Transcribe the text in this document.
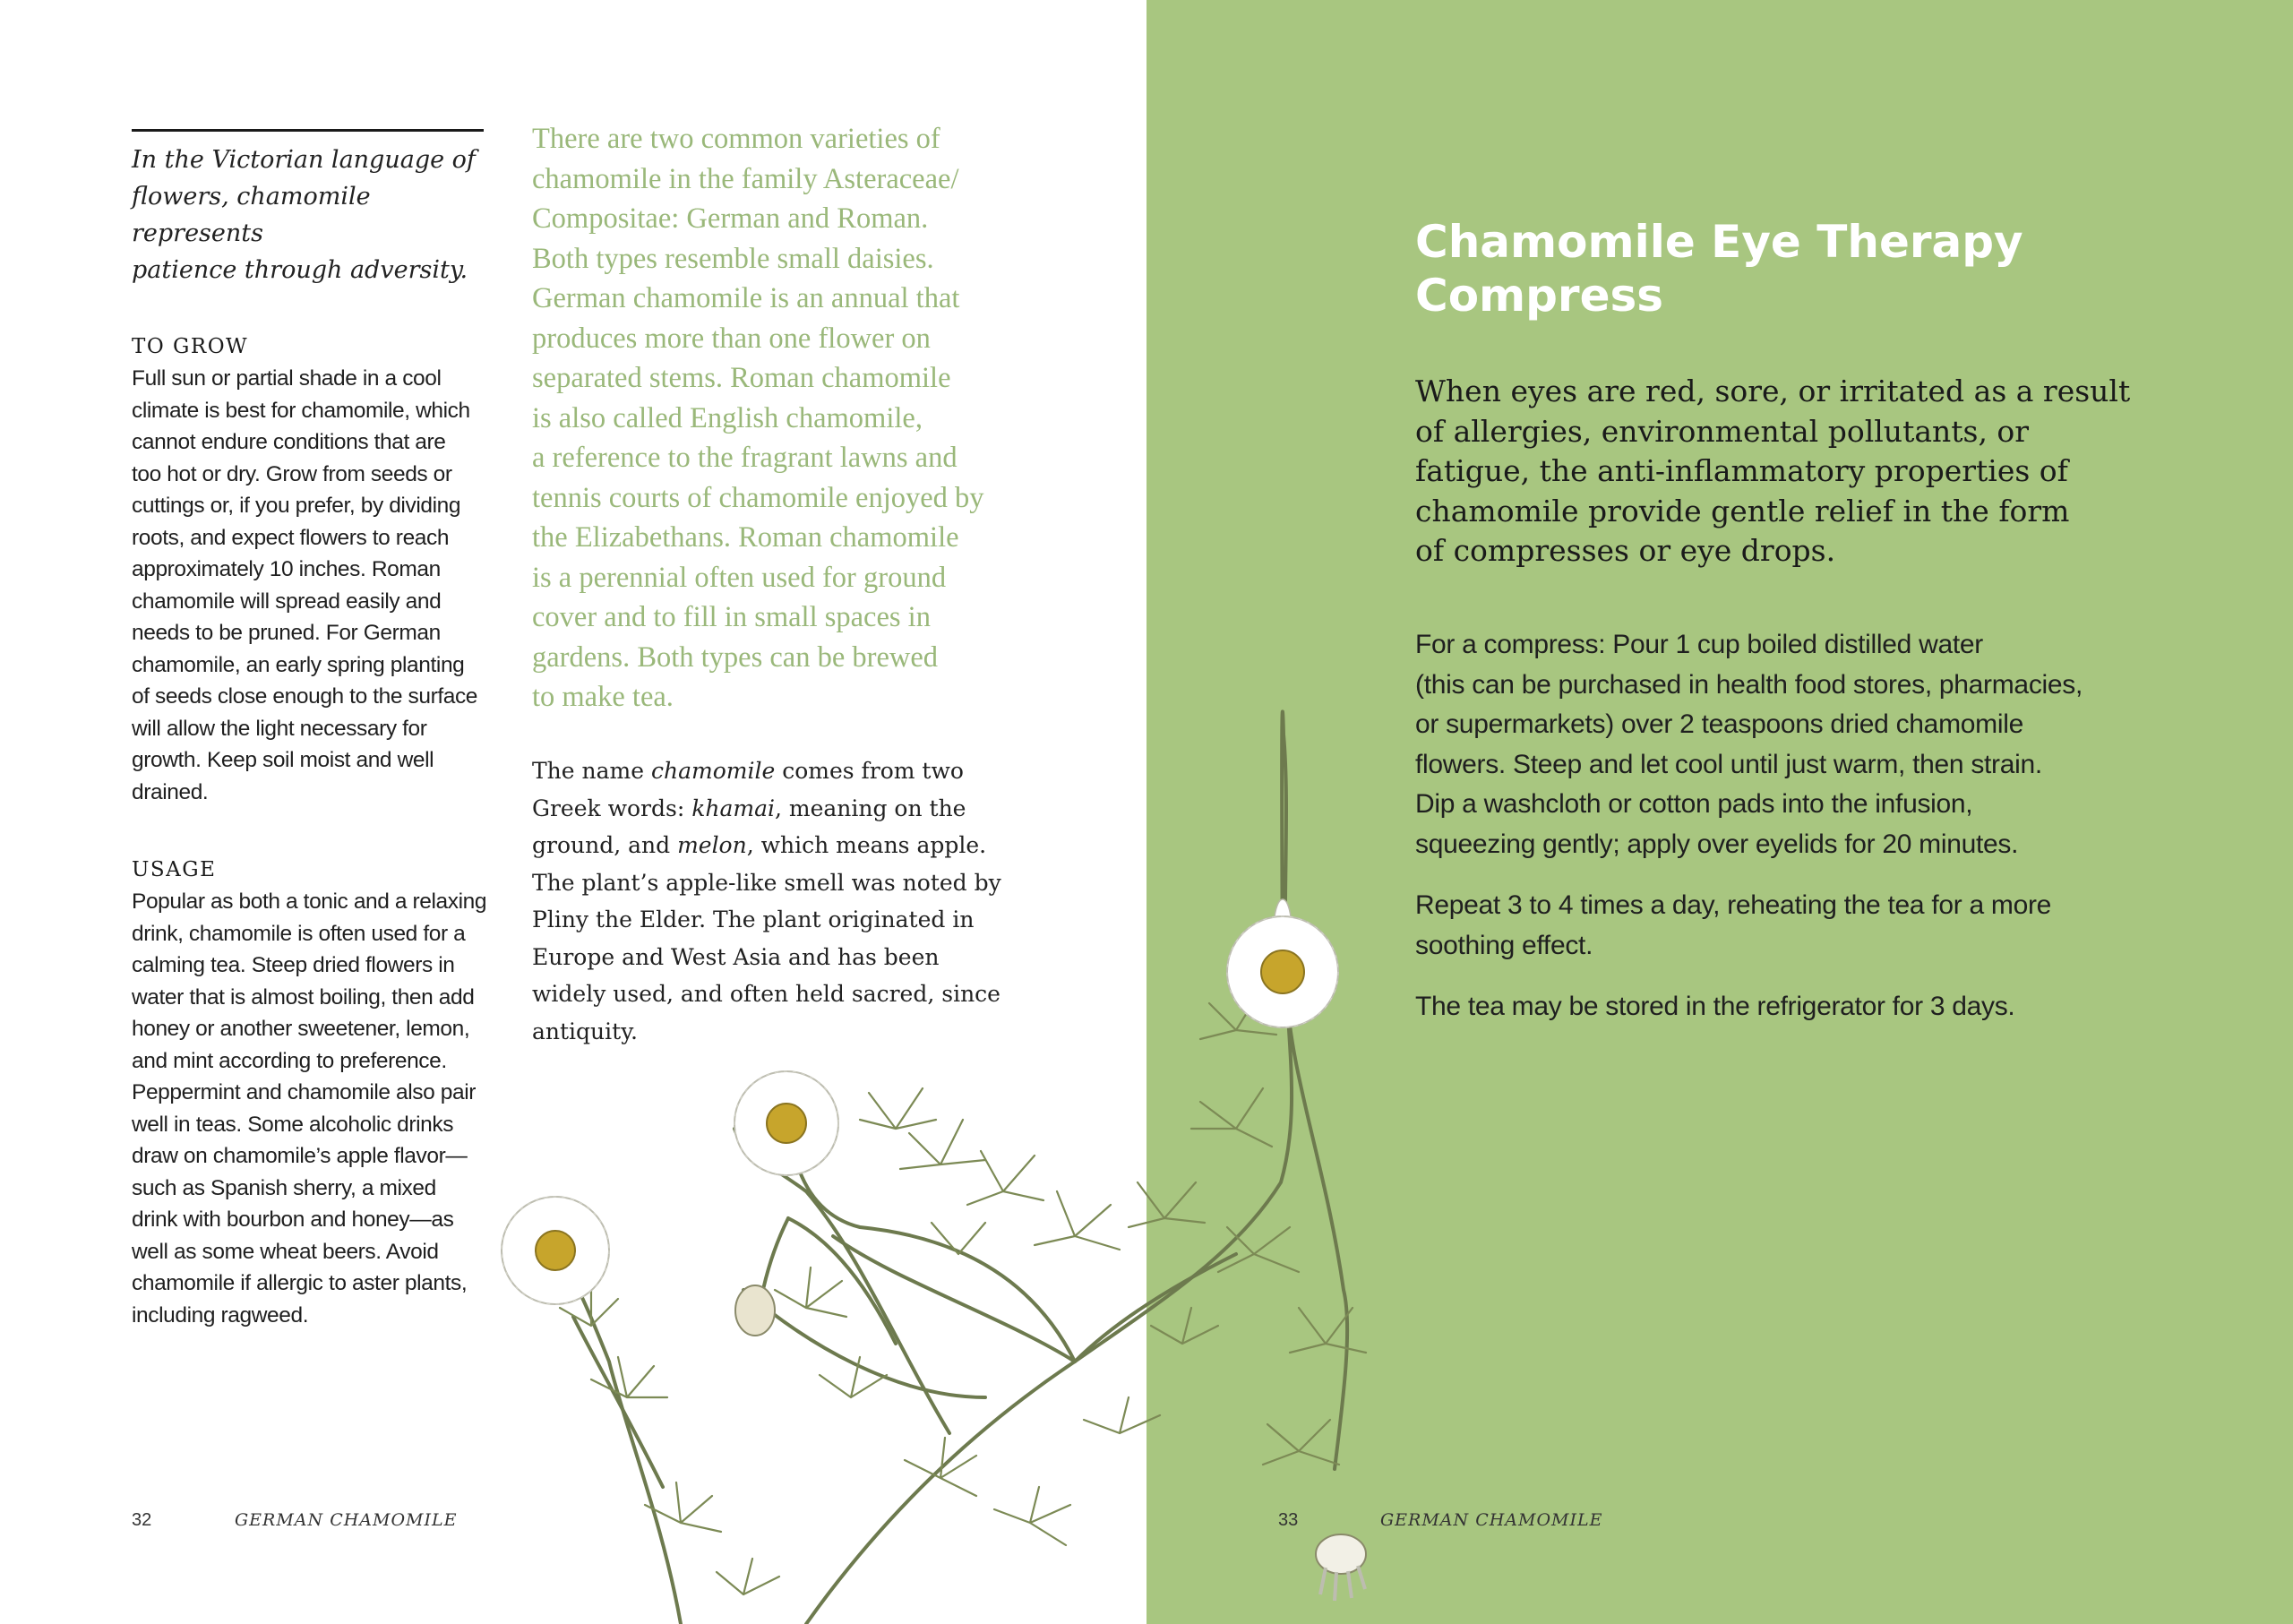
In the Victorian language of
flowers, chamomile represents
patience through adversity.
TO GROW
Full sun or partial shade in a cool
climate is best for chamomile, which
cannot endure conditions that are
too hot or dry. Grow from seeds or
cuttings or, if you prefer, by dividing
roots, and expect flowers to reach
approximately 10 inches. Roman
chamomile will spread easily and
needs to be pruned. For German
chamomile, an early spring planting
of seeds close enough to the surface
will allow the light necessary for
growth. Keep soil moist and well
drained.
USAGE
Popular as both a tonic and a relaxing
drink, chamomile is often used for a
calming tea. Steep dried flowers in
water that is almost boiling, then add
honey or another sweetener, lemon,
and mint according to preference.
Peppermint and chamomile also pair
well in teas. Some alcoholic drinks
draw on chamomile’s apple flavor—
such as Spanish sherry, a mixed
drink with bourbon and honey—as
well as some wheat beers. Avoid
chamomile if allergic to aster plants,
including ragweed.
There are two common varieties of
chamomile in the family Asteraceae/
Compositae: German and Roman.
Both types resemble small daisies.
German chamomile is an annual that
produces more than one flower on
separated stems. Roman chamomile
is also called English chamomile,
a reference to the fragrant lawns and
tennis courts of chamomile enjoyed by
the Elizabethans. Roman chamomile
is a perennial often used for ground
cover and to fill in small spaces in
gardens. Both types can be brewed
to make tea.
The name chamomile comes from two Greek words: khamai, meaning on the ground, and melon, which means apple. The plant’s apple-like smell was noted by Pliny the Elder. The plant originated in Europe and West Asia and has been widely used, and often held sacred, since antiquity.
32	GERMAN CHAMOMILE
Chamomile Eye Therapy
Compress
When eyes are red, sore, or irritated as a result
of allergies, environmental pollutants, or
fatigue, the anti-inflammatory properties of
chamomile provide gentle relief in the form
of compresses or eye drops.
For a compress: Pour 1 cup boiled distilled water
(this can be purchased in health food stores, pharmacies,
or supermarkets) over 2 teaspoons dried chamomile
flowers. Steep and let cool until just warm, then strain.
Dip a washcloth or cotton pads into the infusion,
squeezing gently; apply over eyelids for 20 minutes.
Repeat 3 to 4 times a day, reheating the tea for a more
soothing effect.
The tea may be stored in the refrigerator for 3 days.
33	GERMAN CHAMOMILE
